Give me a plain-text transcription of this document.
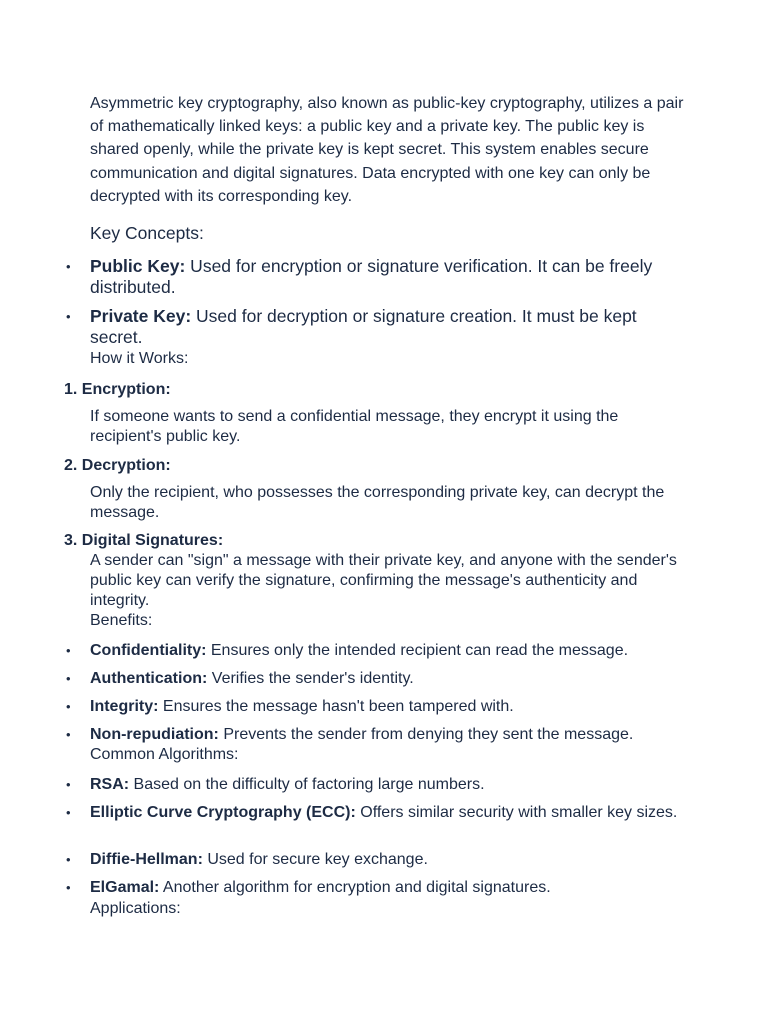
Asymmetric key cryptography, also known as public-key cryptography, utilizes a pair of mathematically linked keys: a public key and a private key. The public key is shared openly, while the private key is kept secret. This system enables secure communication and digital signatures. Data encrypted with one key can only be decrypted with its corresponding key.

Key Concepts:

• Public Key: Used for encryption or signature verification. It can be freely distributed.
• Private Key: Used for decryption or signature creation. It must be kept secret.

How it Works:

1. Encryption:

If someone wants to send a confidential message, they encrypt it using the recipient's public key.

2. Decryption:

Only the recipient, who possesses the corresponding private key, can decrypt the message.

3. Digital Signatures:

A sender can "sign" a message with their private key, and anyone with the sender's public key can verify the signature, confirming the message's authenticity and integrity.

Benefits:

• Confidentiality: Ensures only the intended recipient can read the message.
• Authentication: Verifies the sender's identity.
• Integrity: Ensures the message hasn't been tampered with.
• Non-repudiation: Prevents the sender from denying they sent the message.

Common Algorithms:

• RSA: Based on the difficulty of factoring large numbers.
• Elliptic Curve Cryptography (ECC): Offers similar security with smaller key sizes.
• Diffie-Hellman: Used for secure key exchange.
• ElGamal: Another algorithm for encryption and digital signatures.

Applications:
